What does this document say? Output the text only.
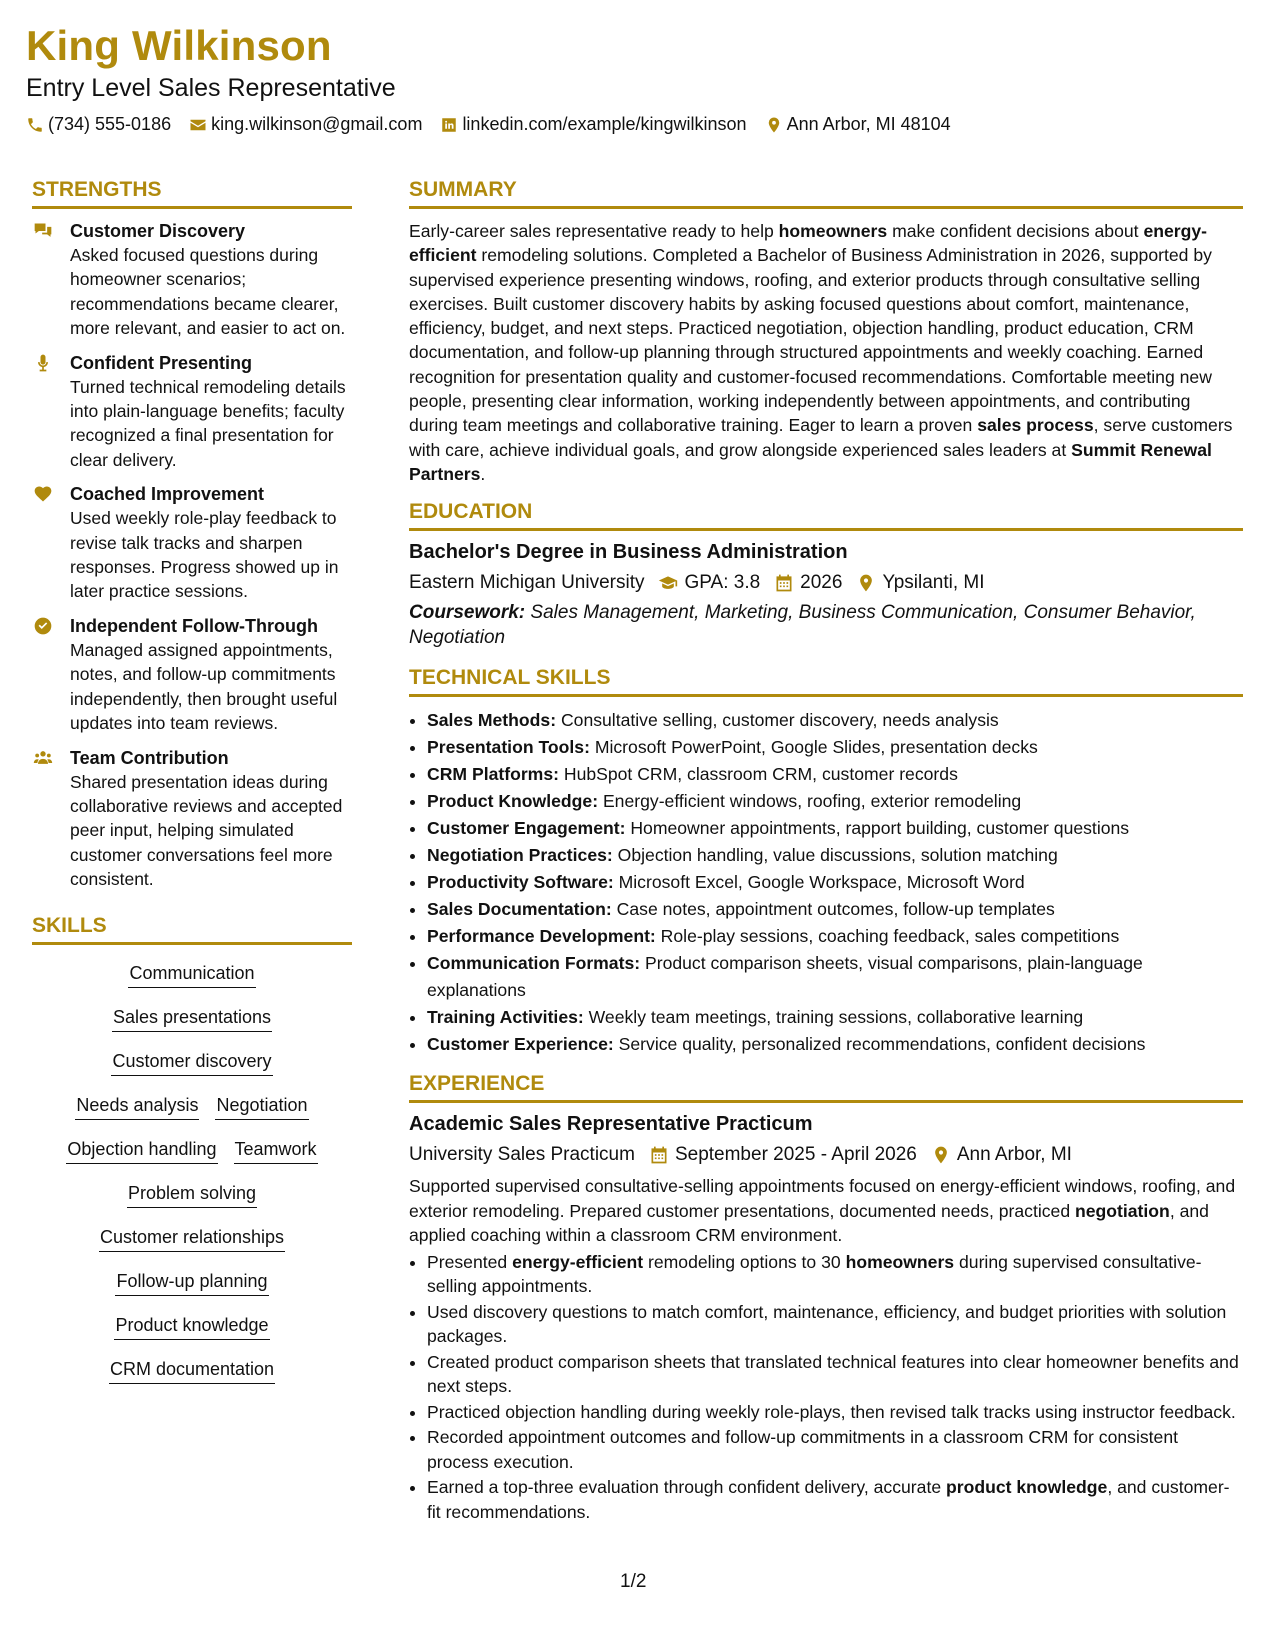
King Wilkinson
Entry Level Sales Representative
(734) 555-0186 king.wilkinson@gmail.com linkedin.com/example/kingwilkinson Ann Arbor, MI 48104
STRENGTHS
Customer Discovery
Asked focused questions during homeowner scenarios; recommendations became clearer, more relevant, and easier to act on.
Confident Presenting
Turned technical remodeling details into plain-language benefits; faculty recognized a final presentation for clear delivery.
Coached Improvement
Used weekly role-play feedback to revise talk tracks and sharpen responses. Progress showed up in later practice sessions.
Independent Follow-Through
Managed assigned appointments, notes, and follow-up commitments independently, then brought useful updates into team reviews.
Team Contribution
Shared presentation ideas during collaborative reviews and accepted peer input, helping simulated customer conversations feel more consistent.
SKILLS
Communication
Sales presentations
Customer discovery
Needs analysis Negotiation
Objection handling Teamwork
Problem solving
Customer relationships
Follow-up planning
Product knowledge
CRM documentation
SUMMARY
Early-career sales representative ready to help homeowners make confident decisions about energy-efficient remodeling solutions. Completed a Bachelor of Business Administration in 2026, supported by supervised experience presenting windows, roofing, and exterior products through consultative selling exercises. Built customer discovery habits by asking focused questions about comfort, maintenance, efficiency, budget, and next steps. Practiced negotiation, objection handling, product education, CRM documentation, and follow-up planning through structured appointments and weekly coaching. Earned recognition for presentation quality and customer-focused recommendations. Comfortable meeting new people, presenting clear information, working independently between appointments, and contributing during team meetings and collaborative training. Eager to learn a proven sales process, serve customers with care, achieve individual goals, and grow alongside experienced sales leaders at Summit Renewal Partners.
EDUCATION
Bachelor's Degree in Business Administration
Eastern Michigan University GPA: 3.8 2026 Ypsilanti, MI
Coursework: Sales Management, Marketing, Business Communication, Consumer Behavior, Negotiation
TECHNICAL SKILLS
• Sales Methods: Consultative selling, customer discovery, needs analysis
• Presentation Tools: Microsoft PowerPoint, Google Slides, presentation decks
• CRM Platforms: HubSpot CRM, classroom CRM, customer records
• Product Knowledge: Energy-efficient windows, roofing, exterior remodeling
• Customer Engagement: Homeowner appointments, rapport building, customer questions
• Negotiation Practices: Objection handling, value discussions, solution matching
• Productivity Software: Microsoft Excel, Google Workspace, Microsoft Word
• Sales Documentation: Case notes, appointment outcomes, follow-up templates
• Performance Development: Role-play sessions, coaching feedback, sales competitions
• Communication Formats: Product comparison sheets, visual comparisons, plain-language explanations
• Training Activities: Weekly team meetings, training sessions, collaborative learning
• Customer Experience: Service quality, personalized recommendations, confident decisions
EXPERIENCE
Academic Sales Representative Practicum
University Sales Practicum September 2025 - April 2026 Ann Arbor, MI
Supported supervised consultative-selling appointments focused on energy-efficient windows, roofing, and exterior remodeling. Prepared customer presentations, documented needs, practiced negotiation, and applied coaching within a classroom CRM environment.
• Presented energy-efficient remodeling options to 30 homeowners during supervised consultative-selling appointments.
• Used discovery questions to match comfort, maintenance, efficiency, and budget priorities with solution packages.
• Created product comparison sheets that translated technical features into clear homeowner benefits and next steps.
• Practiced objection handling during weekly role-plays, then revised talk tracks using instructor feedback.
• Recorded appointment outcomes and follow-up commitments in a classroom CRM for consistent process execution.
• Earned a top-three evaluation through confident delivery, accurate product knowledge, and customer-fit recommendations.
1/2
